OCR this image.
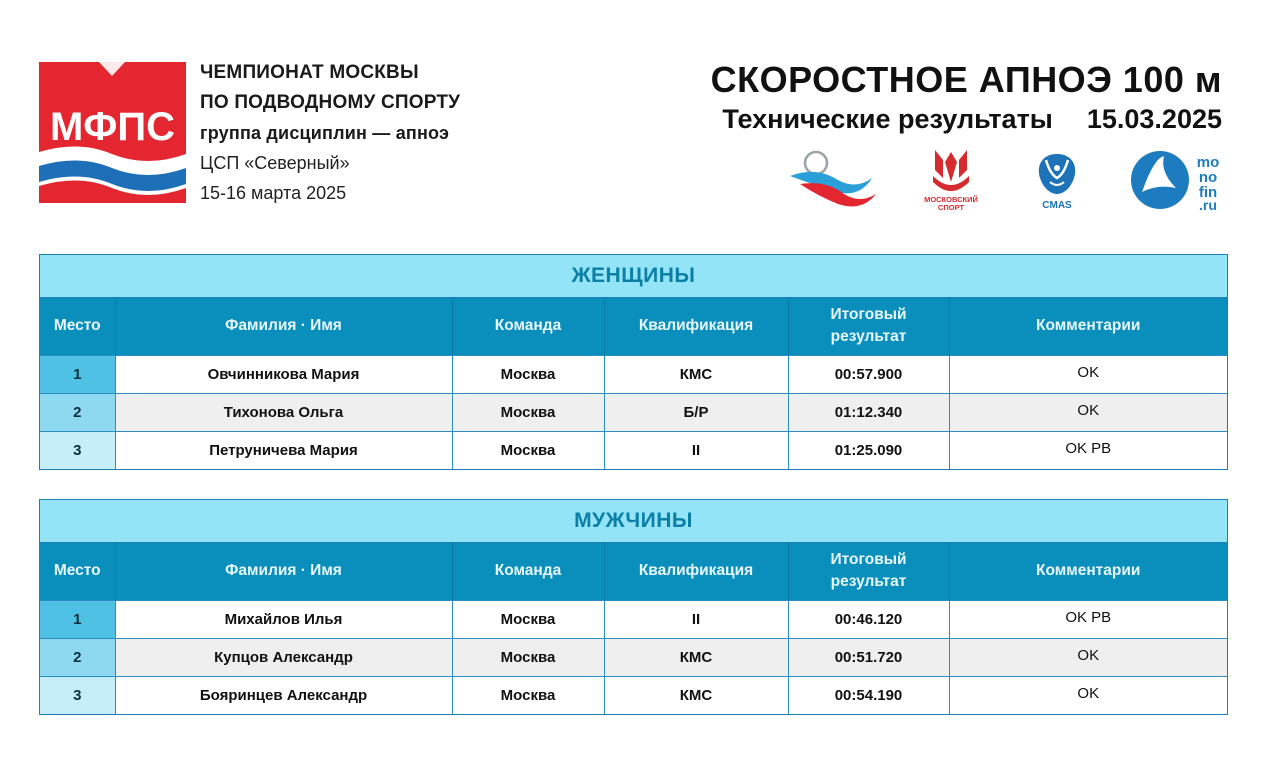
МФПС
ЧЕМПИОНАТ МОСКВЫ
ПО ПОДВОДНОМУ СПОРТУ
группа дисциплин — апноэ
ЦСП «Северный»
15-16 марта 2025
СКОРОСТНОЕ АПНОЭ 100 м
Технические результаты 15.03.2025
МОСКОВСКИЙ
СПОРТ	CMAS
mo
no
fin
.ru
ЖЕНЩИНЫ
Место	Фамилия · Имя	Команда	Квалификация	Итоговый
результат	Комментарии
1	Овчинникова Мария	Москва	КМС	00:57.900	OK
2	Тихонова Ольга	Москва	Б/Р	01:12.340	OK
3	Петруничева Мария	Москва	II	01:25.090	OK РВ
МУЖЧИНЫ
Место	Фамилия · Имя	Команда	Квалификация	Итоговый
результат	Комментарии
1	Михайлов Илья	Москва	II	00:46.120	OK РВ
2	Купцов Александр	Москва	КМС	00:51.720	OK
3	Бояринцев Александр	Москва	КМС	00:54.190	OK
